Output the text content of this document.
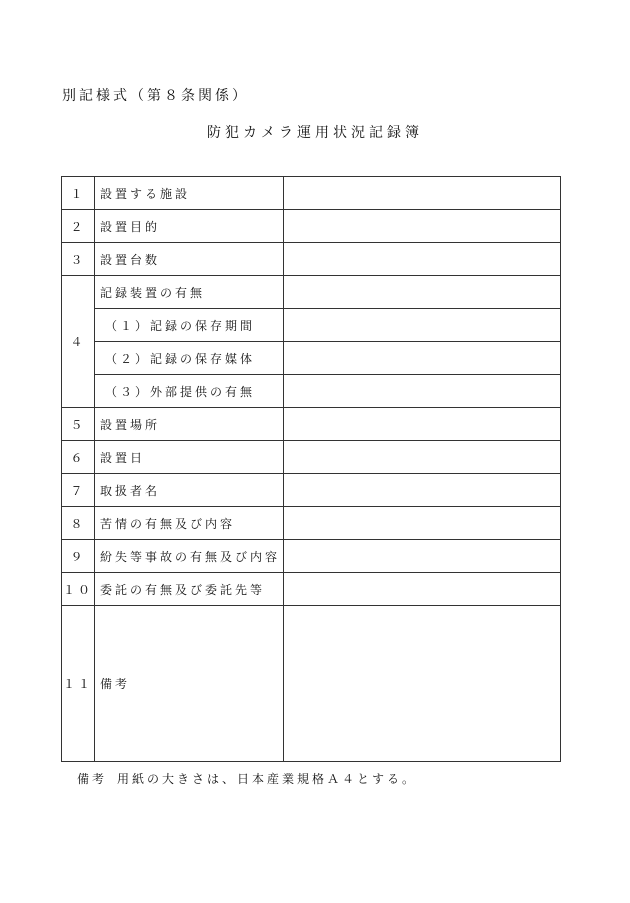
別記様式（第８条関係）
防犯カメラ運用状況記録簿
１	設置する施設	
２	設置目的	
３	設置台数	
４	記録装置の有無	
	（１）記録の保存期間	
	（２）記録の保存媒体	
	（３）外部提供の有無	
５	設置場所	
６	設置日	
７	取扱者名	
８	苦情の有無及び内容	
９	紛失等事故の有無及び内容	
１０	委託の有無及び委託先等	
１１	備考	
備考 用紙の大きさは、日本産業規格Ａ４とする。
